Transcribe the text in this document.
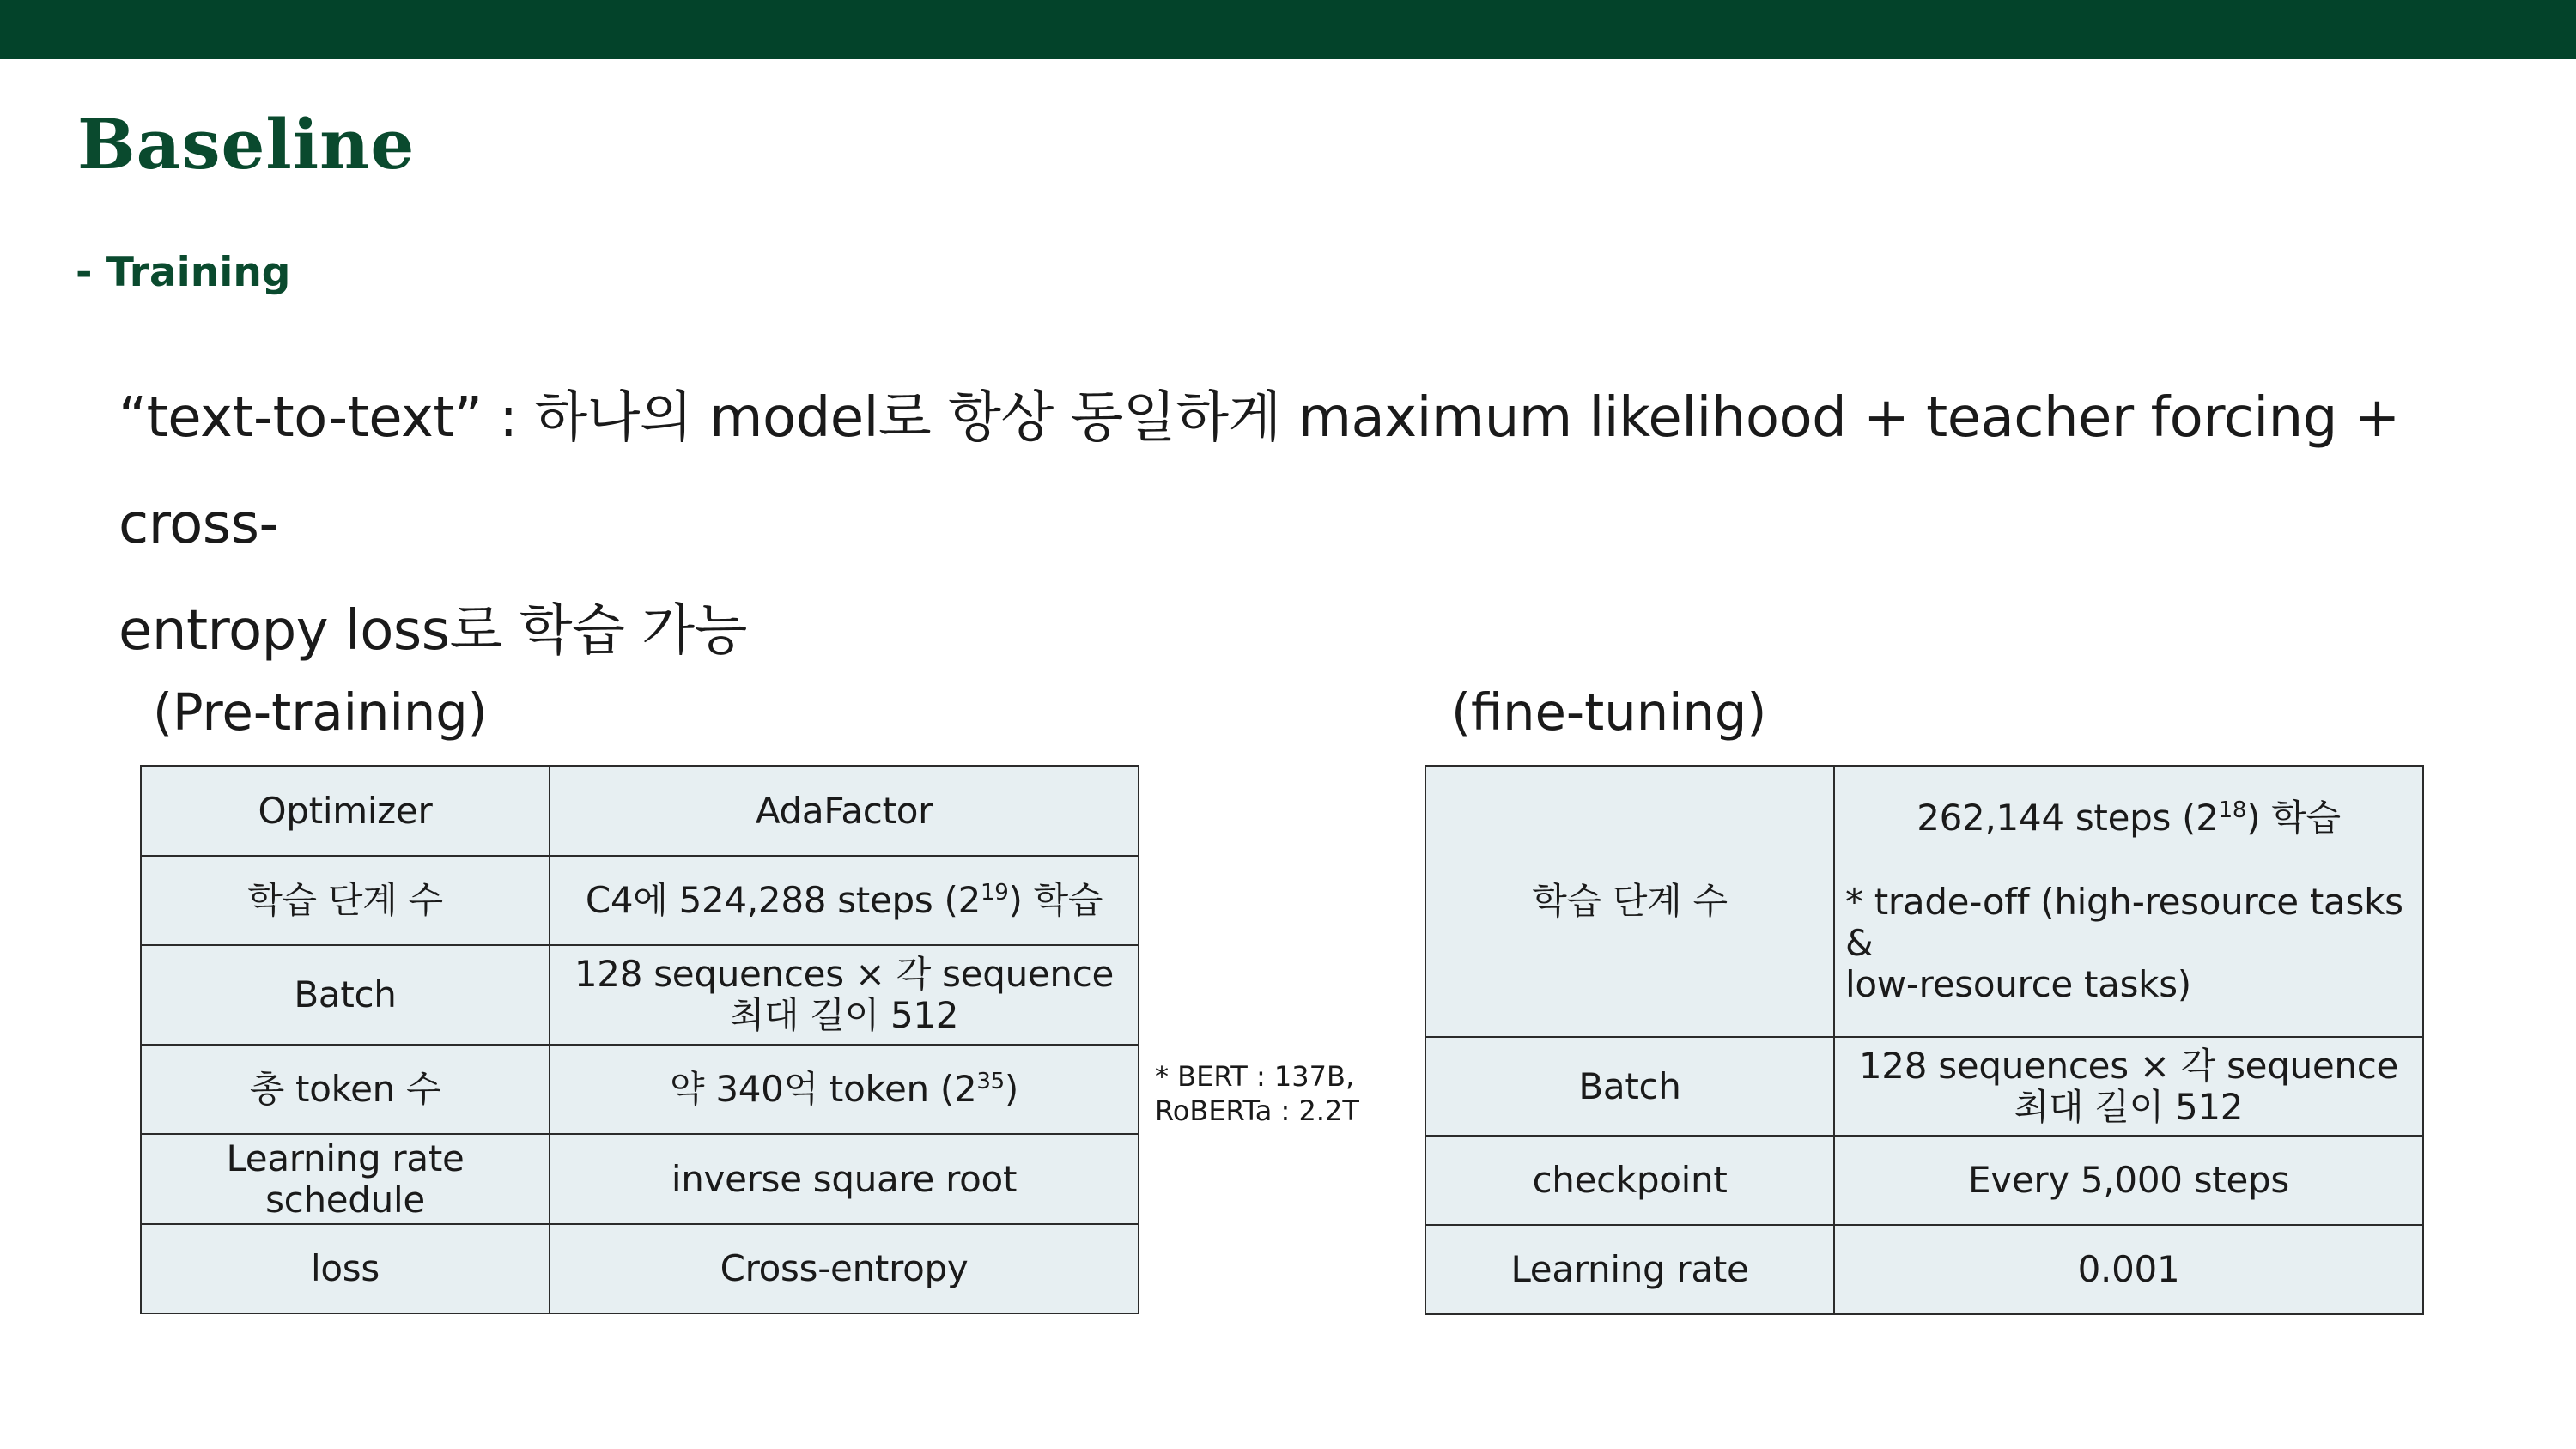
Baseline
- Training
“text-to-text” : 하나의 model로 항상 동일하게 maximum likelihood + teacher forcing + cross-
entropy loss로 학습 가능
(Pre-training)
Optimizer	AdaFactor
학습 단계 수	C4에 524,288 steps $(2^{19})$ 학습
Batch	128 sequences × 각 sequence
최대 길이 512

총 token 수	약 340억 token $(2^{35})$
Learning rate schedule	inverse square root
loss	Cross-entropy
* BERT : 137B,
RoBERTa : 2.2T
(fine-tuning)
학습 단계 수	262,144 steps $(2^{18})$ 학습
* trade-off (high-resource tasks &
low-resource tasks)

Batch	128 sequences × 각 sequence
최대 길이 512

checkpoint	Every 5,000 steps
Learning rate	0.001
